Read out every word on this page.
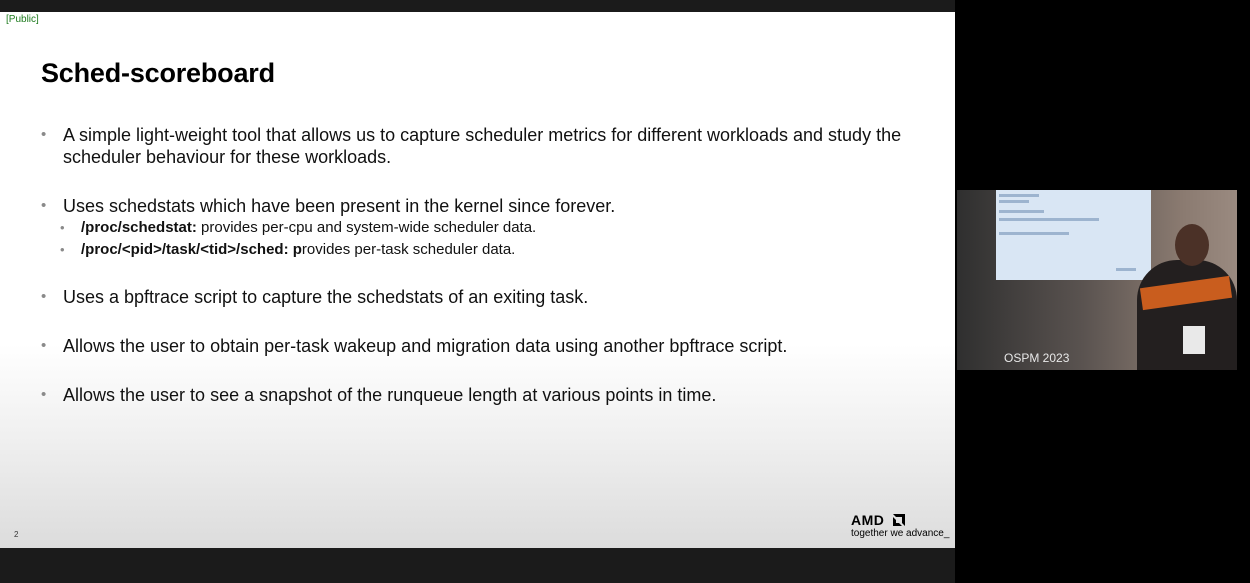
[Public]
Sched-scoreboard
• A simple light-weight tool that allows us to capture scheduler metrics for different workloads and study the scheduler behaviour for these workloads.
• Uses schedstats which have been present in the kernel since forever.
• /proc/schedstat: provides per-cpu and system-wide scheduler data.
• /proc/<pid>/task/<tid>/sched: provides per-task scheduler data.
• Uses a bpftrace script to capture the schedstats of an exiting task.
• Allows the user to obtain per-task wakeup and migration data using another bpftrace script.
• Allows the user to see a snapshot of the runqueue length at various points in time.
2
AMD
together we advance_
OSPM 2023
